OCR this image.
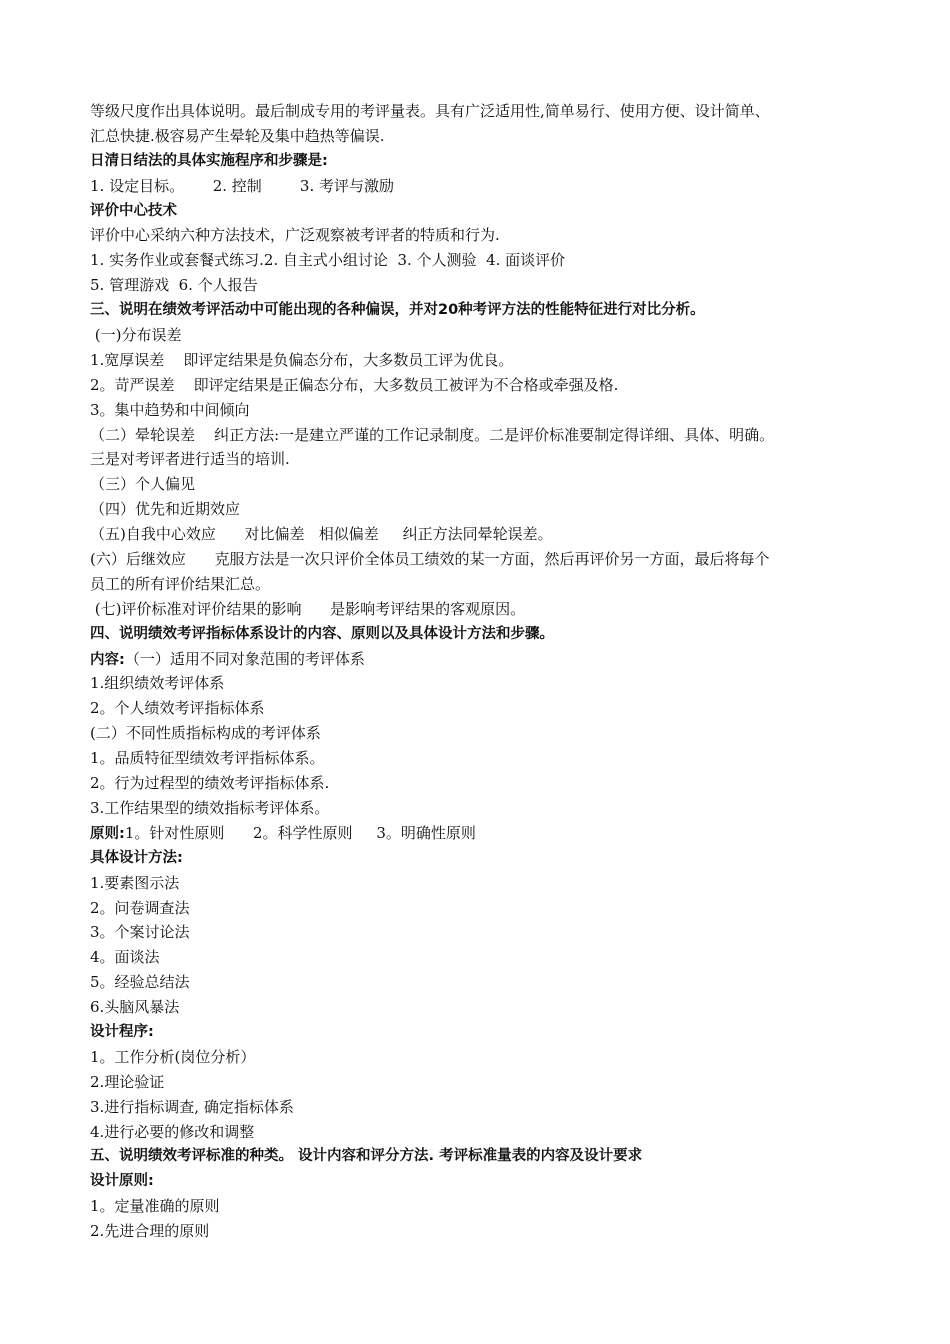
等级尺度作出具体说明。最后制成专用的考评量表。具有广泛适用性,简单易行、使用方便、设计简单、
汇总快捷.极容易产生晕轮及集中趋热等偏误.
日清日结法的具体实施程序和步骤是:
1. 设定目标。      2. 控制        3. 考评与激励
评价中心技术
评价中心采纳六种方法技术，广泛观察被考评者的特质和行为.
1. 实务作业或套餐式练习.2. 自主式小组讨论  3. 个人测验  4. 面谈评价
5. 管理游戏  6. 个人报告
三、说明在绩效考评活动中可能出现的各种偏误，并对20种考评方法的性能特征进行对比分析。
(一)分布误差
1.宽厚误差    即评定结果是负偏态分布，大多数员工评为优良。
2。苛严误差    即评定结果是正偏态分布，大多数员工被评为不合格或牵强及格.
3。集中趋势和中间倾向
（二）晕轮误差    纠正方法:一是建立严谨的工作记录制度。二是评价标准要制定得详细、具体、明确。
三是对考评者进行适当的培训.
（三）个人偏见
（四）优先和近期效应
（五)自我中心效应      对比偏差   相似偏差     纠正方法同晕轮误差。
(六）后继效应      克服方法是一次只评价全体员工绩效的某一方面，然后再评价另一方面，最后将每个
员工的所有评价结果汇总。
(七)评价标准对评价结果的影响      是影响考评结果的客观原因。
四、说明绩效考评指标体系设计的内容、原则以及具体设计方法和步骤。
内容:（一）适用不同对象范围的考评体系
1.组织绩效考评体系
2。个人绩效考评指标体系
(二）不同性质指标构成的考评体系
1。品质特征型绩效考评指标体系。
2。行为过程型的绩效考评指标体系.
3.工作结果型的绩效指标考评体系。
原则:1。针对性原则      2。科学性原则     3。明确性原则
具体设计方法:
1.要素图示法
2。问卷调查法
3。个案讨论法
4。面谈法
5。经验总结法
6.头脑风暴法
设计程序:
1。工作分析(岗位分析）
2.理论验证
3.进行指标调查, 确定指标体系
4.进行必要的修改和调整
五、说明绩效考评标准的种类。 设计内容和评分方法. 考评标准量表的内容及设计要求
设计原则:
1。定量准确的原则
2.先进合理的原则
